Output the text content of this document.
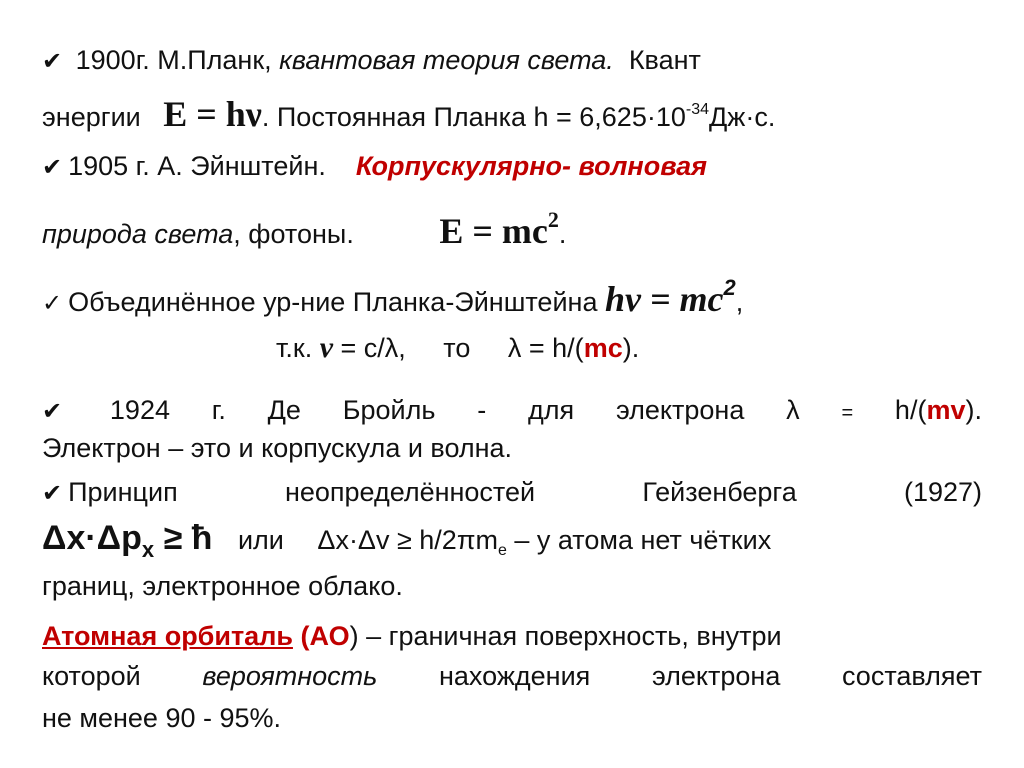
✔ 1900г. М.Планк, квантовая теория света. Квант
энергии E = hν. Постоянная Планка $h = 6,625\cdot 10^{-34}Дж\cdot с$.
✔ 1905 г. А. Эйнштейн. Корпускулярно- волновая
природа света, фотоны. $E = mc^2$.
✓ Объединённое ур-ние Планка-Эйнштейна $h\nu = mc^2$,
т.к. ν = c/λ,     то     λ = h/(mc).
✔ 1924 г. Де Бройль - для электрона λ = h/(mv).
Электрон – это и корпускула и волна.
✔ Принцип	неопределённостей	Гейзенберга	(1927)
$\Delta x\cdot\Delta p_x$ ≥ ħ или $\Delta x\cdot\Delta v \ge h/2\pi m_e - у$ атома нет чётких
границ, электронное облако.
Атомная орбиталь (АО) – граничная поверхность, внутри
которой вероятность нахождения электрона составляет
не менее 90 - 95%.
